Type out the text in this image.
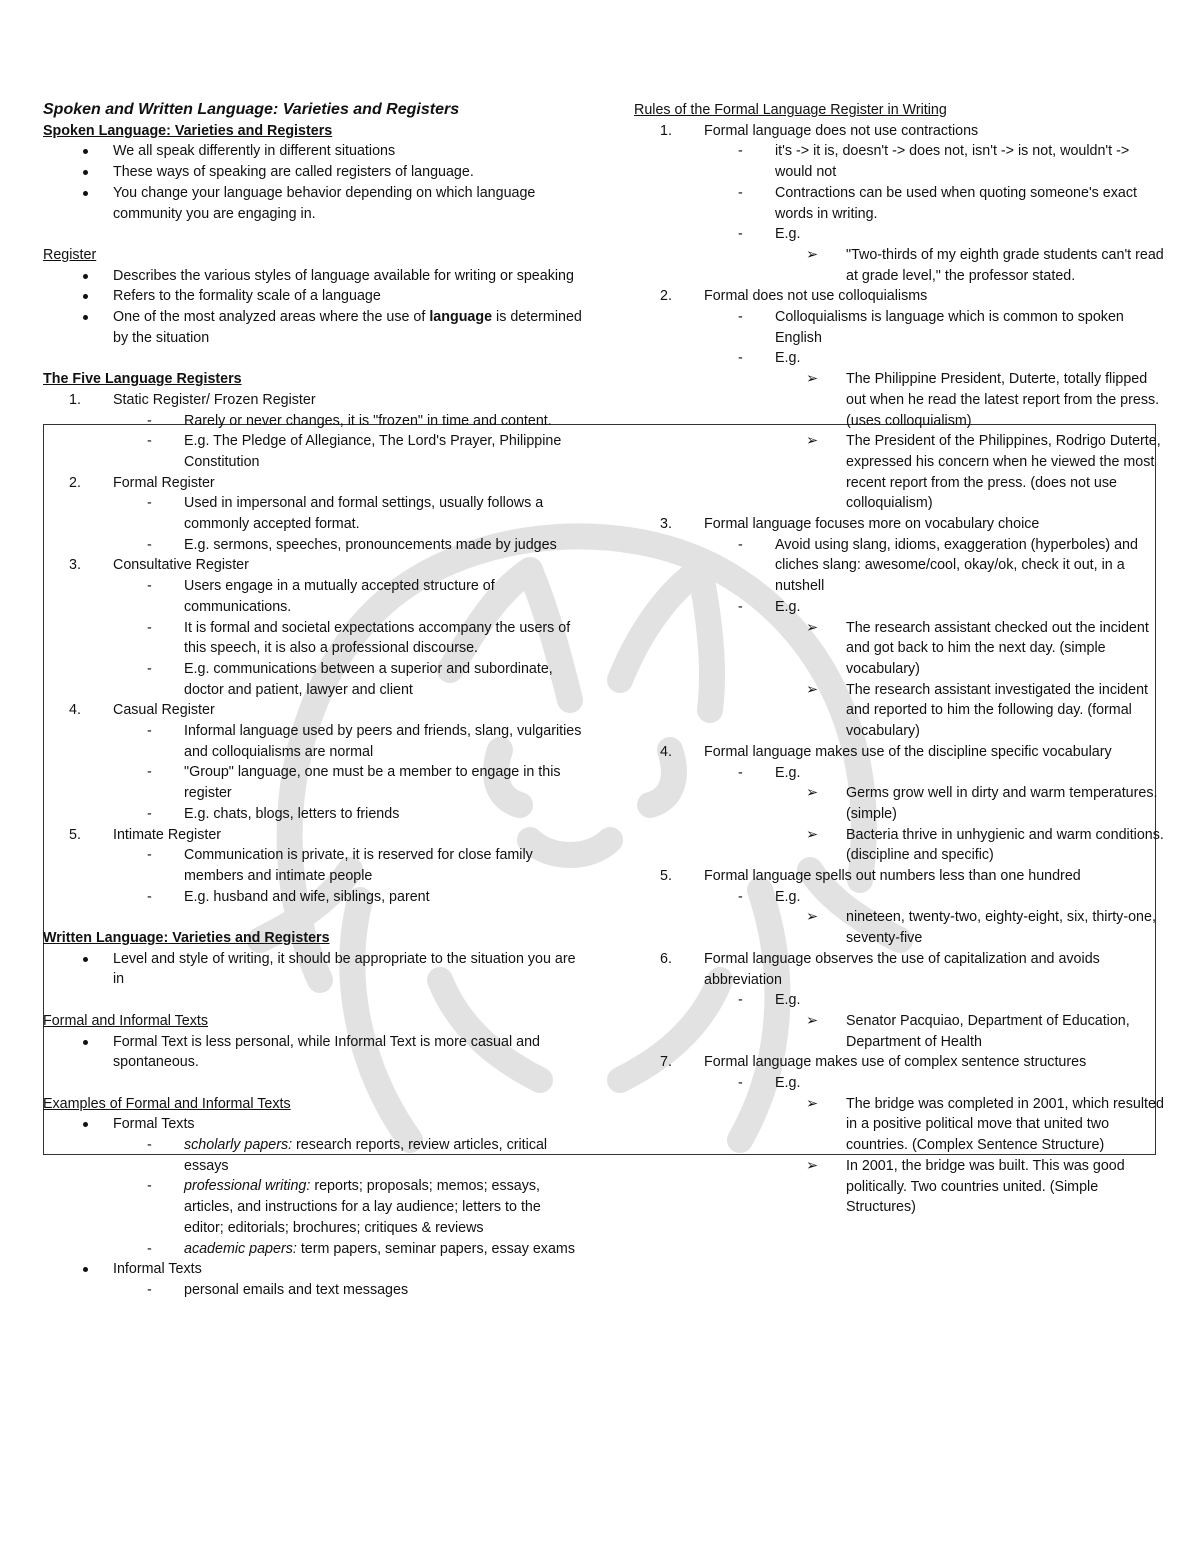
Spoken and Written Language: Varieties and Registers

Spoken Language: Varieties and Registers

We all speak differently in different situations
These ways of speaking are called registers of language.
You change your language behavior depending on which language community you are engaging in.

Register

Describes the various styles of language available for writing or speaking
Refers to the formality scale of a language
One of the most analyzed areas where the use of language is determined by the situation

The Five Language Registers

1. Static Register/ Frozen Register
- Rarely or never changes, it is "frozen" in time and content.
- E.g. The Pledge of Allegiance, The Lord's Prayer, Philippine Constitution
2. Formal Register
- Used in impersonal and formal settings, usually follows a commonly accepted format.
- E.g. sermons, speeches, pronouncements made by judges
3. Consultative Register
- Users engage in a mutually accepted structure of communications.
- It is formal and societal expectations accompany the users of this speech, it is also a professional discourse.
- E.g. communications between a superior and subordinate, doctor and patient, lawyer and client
4. Casual Register
- Informal language used by peers and friends, slang, vulgarities and colloquialisms are normal
- "Group" language, one must be a member to engage in this register
- E.g. chats, blogs, letters to friends
5. Intimate Register
- Communication is private, it is reserved for close family members and intimate people
- E.g. husband and wife, siblings, parent

Written Language: Varieties and Registers

Level and style of writing, it should be appropriate to the situation you are in

Formal and Informal Texts

Formal Text is less personal, while Informal Text is more casual and spontaneous.

Examples of Formal and Informal Texts

Formal Texts
- scholarly papers: research reports, review articles, critical essays
- professional writing: reports; proposals; memos; essays, articles, and instructions for a lay audience; letters to the editor; editorials; brochures; critiques & reviews
- academic papers: term papers, seminar papers, essay exams
Informal Texts
- personal emails and text messages

Rules of the Formal Language Register in Writing

1. Formal language does not use contractions
- it's -> it is, doesn't -> does not, isn't -> is not, wouldn't -> would not
- Contractions can be used when quoting someone's exact words in writing.
- E.g.
➢ "Two-thirds of my eighth grade students can't read at grade level," the professor stated.
2. Formal does not use colloquialisms
- Colloquialisms is language which is common to spoken English
- E.g.
➢ The Philippine President, Duterte, totally flipped out when he read the latest report from the press. (uses colloquialism)
➢ The President of the Philippines, Rodrigo Duterte, expressed his concern when he viewed the most recent report from the press. (does not use colloquialism)
3. Formal language focuses more on vocabulary choice
- Avoid using slang, idioms, exaggeration (hyperboles) and cliches slang: awesome/cool, okay/ok, check it out, in a nutshell
- E.g.
➢ The research assistant checked out the incident and got back to him the next day. (simple vocabulary)
➢ The research assistant investigated the incident and reported to him the following day. (formal vocabulary)
4. Formal language makes use of the discipline specific vocabulary
- E.g.
➢ Germs grow well in dirty and warm temperatures. (simple)
➢ Bacteria thrive in unhygienic and warm conditions. (discipline and specific)
5. Formal language spells out numbers less than one hundred
- E.g.
➢ nineteen, twenty-two, eighty-eight, six, thirty-one, seventy-five
6. Formal language observes the use of capitalization and avoids abbreviation
- E.g.
➢ Senator Pacquiao, Department of Education, Department of Health
7. Formal language makes use of complex sentence structures
- E.g.
➢ The bridge was completed in 2001, which resulted in a positive political move that united two countries. (Complex Sentence Structure)
➢ In 2001, the bridge was built. This was good politically. Two countries united. (Simple Structures)
